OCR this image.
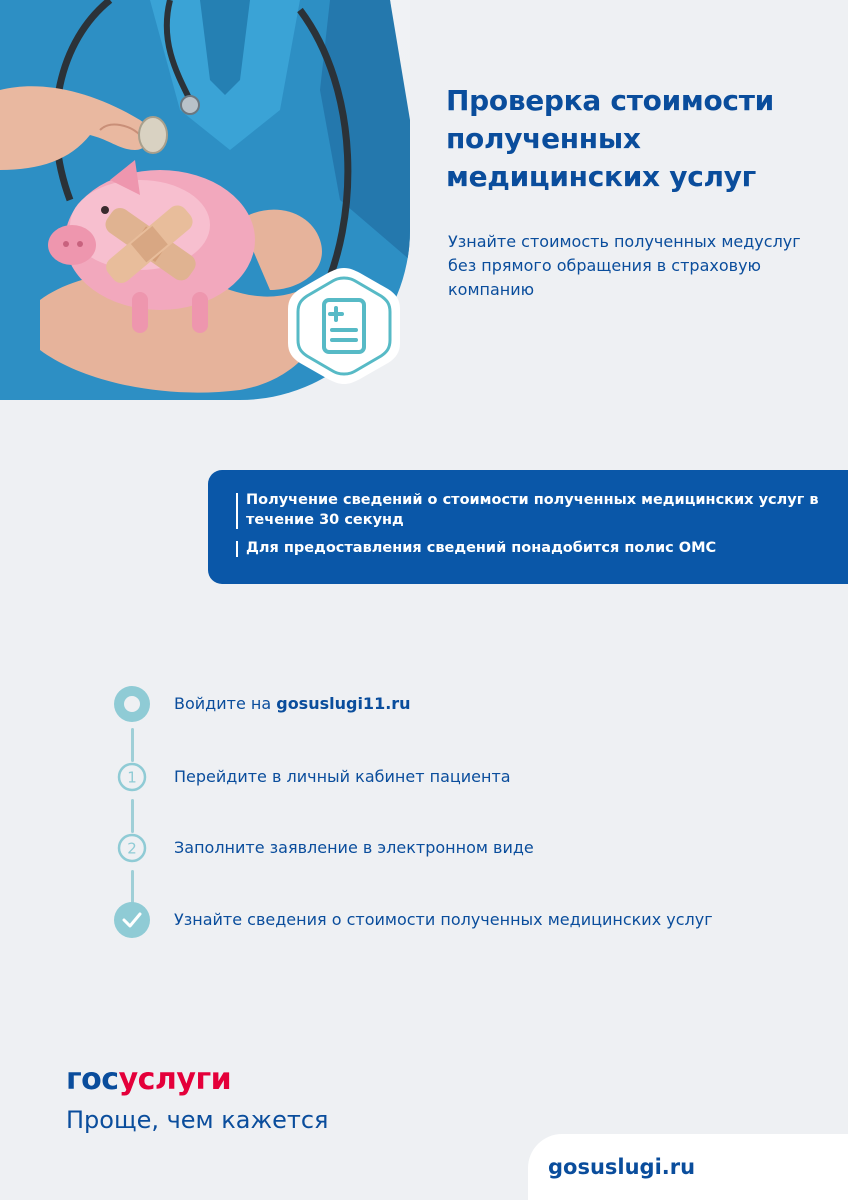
Проверка стоимости полученных медицинских услуг
Узнайте стоимость полученных медуслуг без прямого обращения в страховую компанию
Получение сведений о стоимости полученных медицинских услуг в течение 30 секунд
Для предоставления сведений понадобится полис ОМС
Войдите на gosuslugi11.ru
1 Перейдите в личный кабинет пациента
2 Заполните заявление в электронном виде
Узнайте сведения о стоимости полученных медицинских услуг
госуслуги
Проще, чем кажется
gosuslugi.ru
